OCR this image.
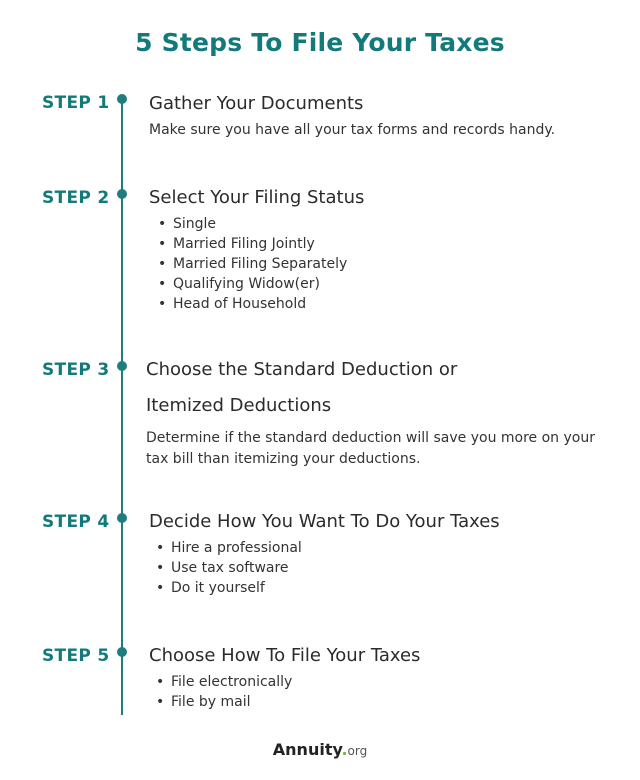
5 Steps To File Your Taxes
STEP 1 Gather Your Documents
Make sure you have all your tax forms and records handy.
STEP 2 Select Your Filing Status
• Single
• Married Filing Jointly
• Married Filing Separately
• Qualifying Widow(er)
• Head of Household
STEP 3 Choose the Standard Deduction or
Itemized Deductions
Determine if the standard deduction will save you more on your tax bill than itemizing your deductions.
STEP 4 Decide How You Want To Do Your Taxes
• Hire a professional
• Use tax software
• Do it yourself
STEP 5 Choose How To File Your Taxes
• File electronically
• File by mail
Annuity.org
